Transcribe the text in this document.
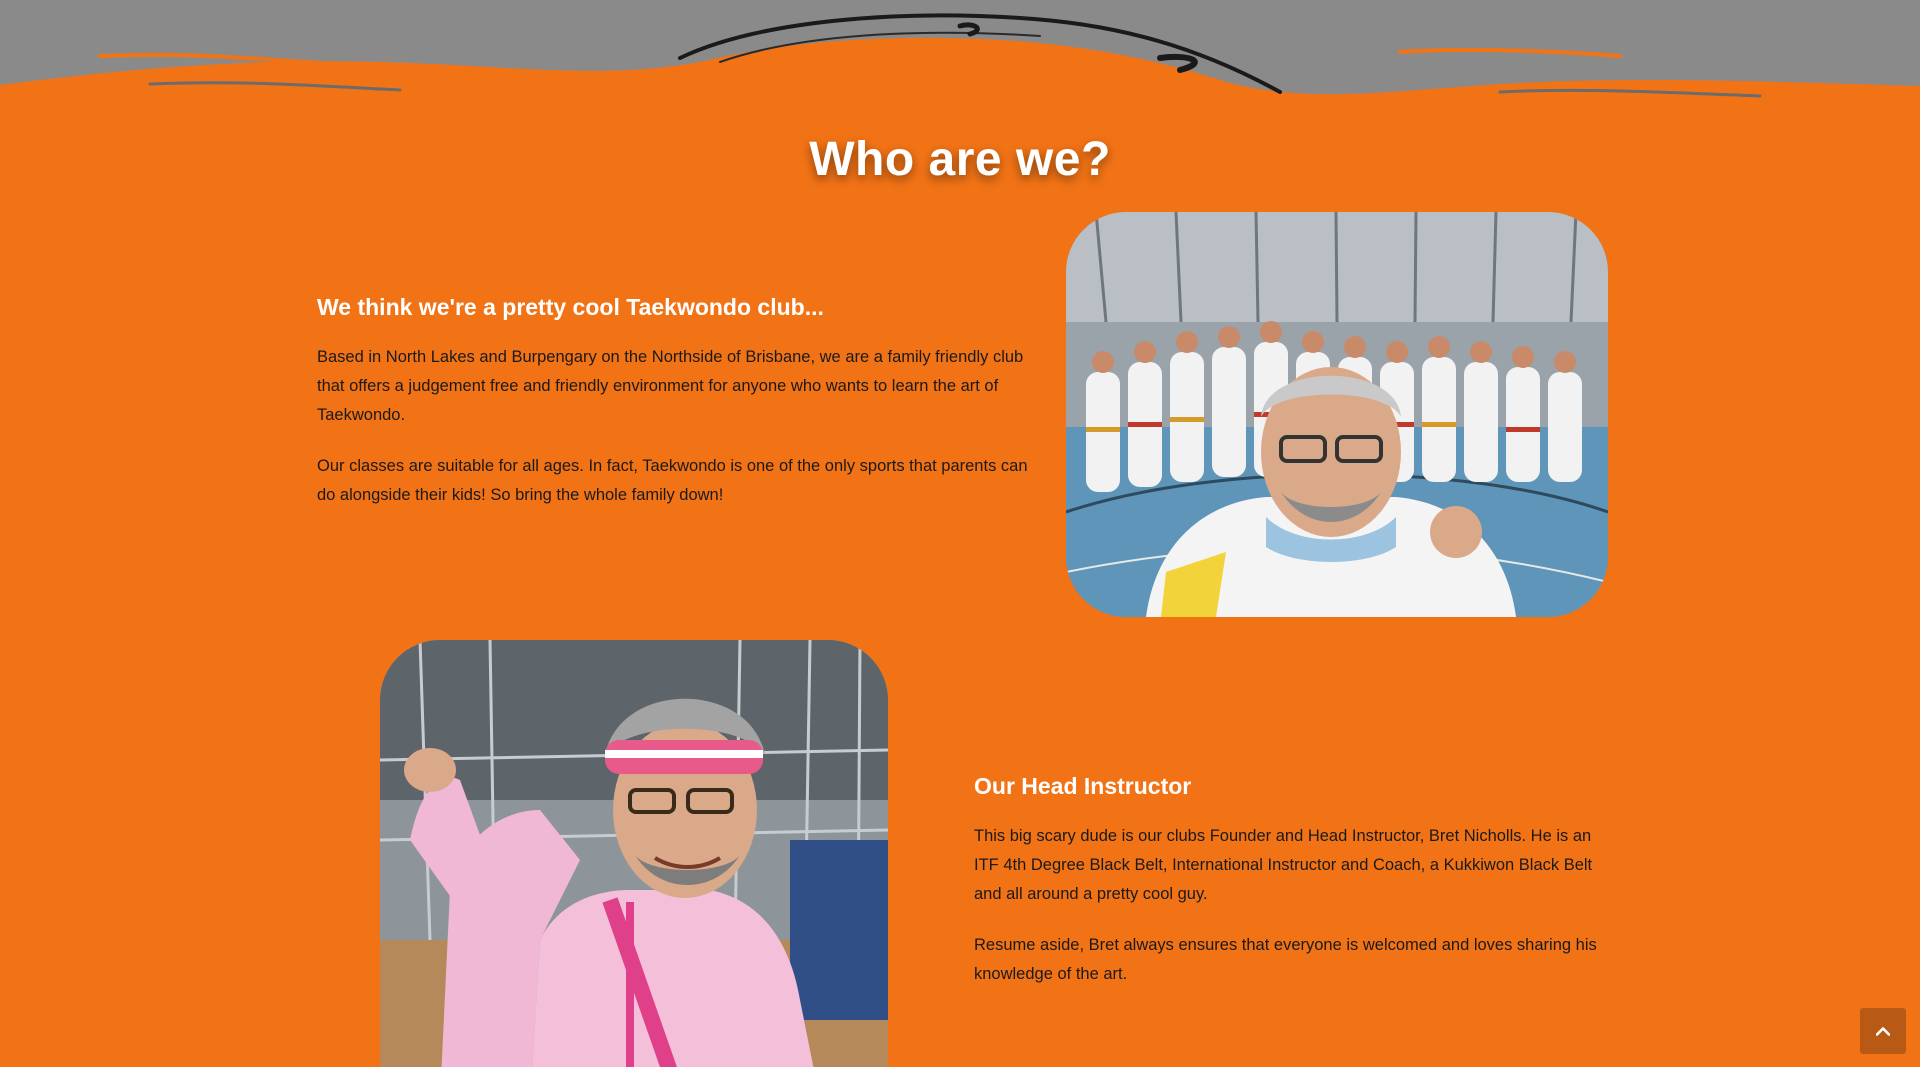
Who are we?
We think we're a pretty cool Taekwondo club...

Based in North Lakes and Burpengary on the Northside of Brisbane, we are a family friendly club that offers a judgement free and friendly environment for anyone who wants to learn the art of Taekwondo.

Our classes are suitable for all ages. In fact, Taekwondo is one of the only sports that parents can do alongside their kids! So bring the whole family down!

Our Head Instructor

This big scary dude is our clubs Founder and Head Instructor, Bret Nicholls. He is an ITF 4th Degree Black Belt, International Instructor and Coach, a Kukkiwon Black Belt and all around a pretty cool guy.

Resume aside, Bret always ensures that everyone is welcomed and loves sharing his knowledge of the art.
